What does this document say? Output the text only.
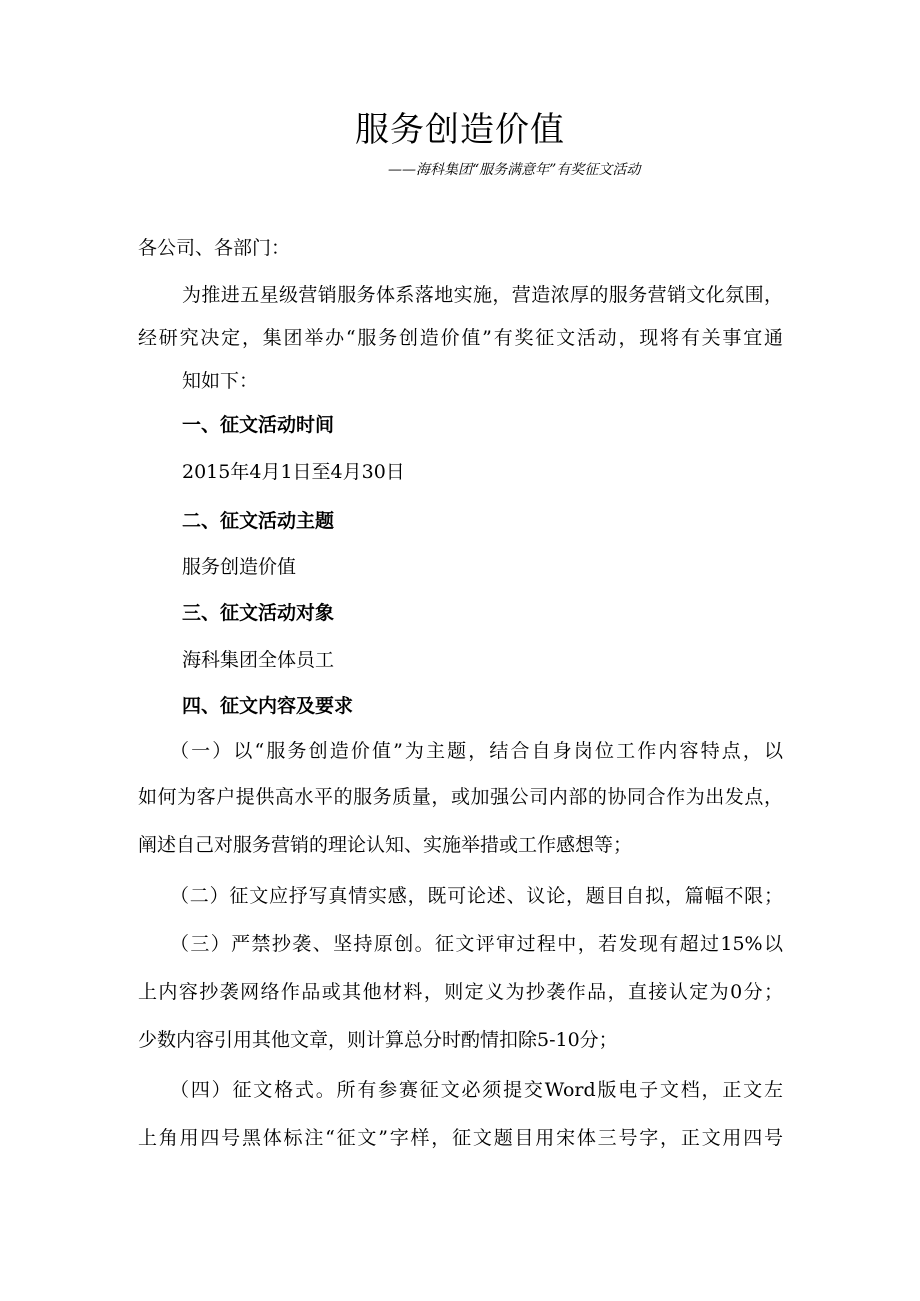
服务创造价值
——海科集团“服务满意年”有奖征文活动
各公司、各部门：
为推进五星级营销服务体系落地实施，营造浓厚的服务营销文化氛围，
经研究决定，集团举办“服务创造价值”有奖征文活动，现将有关事宜通
知如下：
一、征文活动时间
2015年4月1日至4月30日
二、征文活动主题
服务创造价值
三、征文活动对象
海科集团全体员工
四、征文内容及要求
（一）以“服务创造价值”为主题，结合自身岗位工作内容特点，以
如何为客户提供高水平的服务质量，或加强公司内部的协同合作为出发点，
阐述自己对服务营销的理论认知、实施举措或工作感想等；
（二）征文应抒写真情实感，既可论述、议论，题目自拟，篇幅不限；
（三）严禁抄袭、坚持原创。征文评审过程中，若发现有超过15%以
上内容抄袭网络作品或其他材料，则定义为抄袭作品，直接认定为0分；
少数内容引用其他文章，则计算总分时酌情扣除5-10分；
（四）征文格式。所有参赛征文必须提交Word版电子文档，正文左
上角用四号黑体标注“征文”字样，征文题目用宋体三号字，正文用四号
